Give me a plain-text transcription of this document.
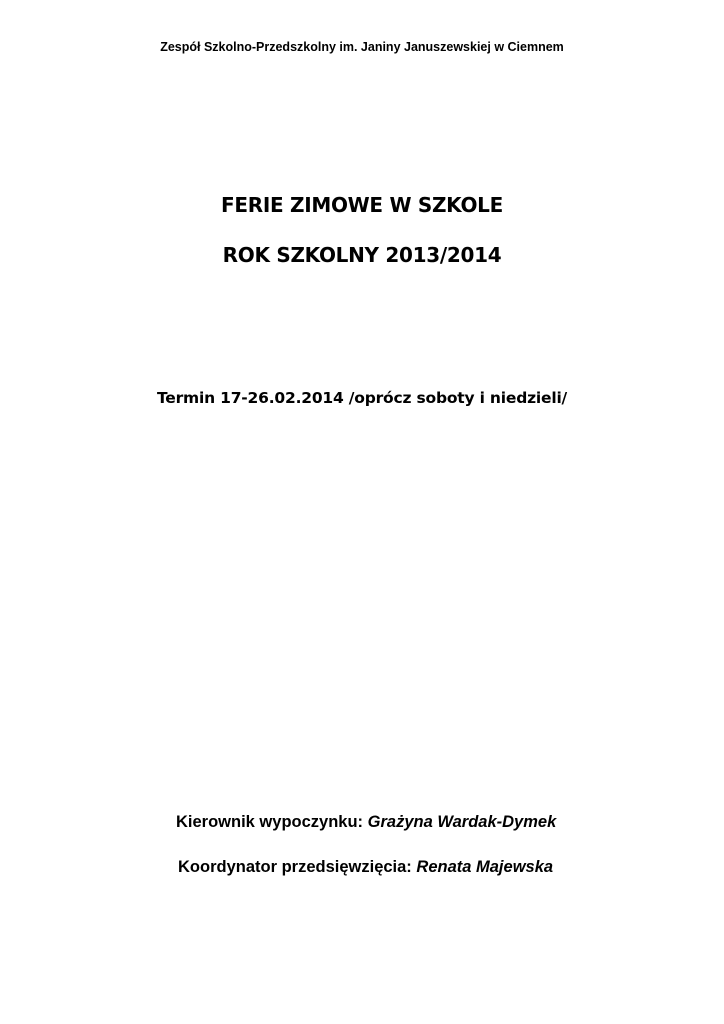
Zespół Szkolno-Przedszkolny im. Janiny Januszewskiej w Ciemnem
FERIE ZIMOWE W SZKOLE
ROK SZKOLNY 2013/2014
Termin 17-26.02.2014 /oprócz soboty i niedzieli/
Kierownik wypoczynku: Grażyna Wardak-Dymek
Koordynator przedsięwzięcia: Renata Majewska
